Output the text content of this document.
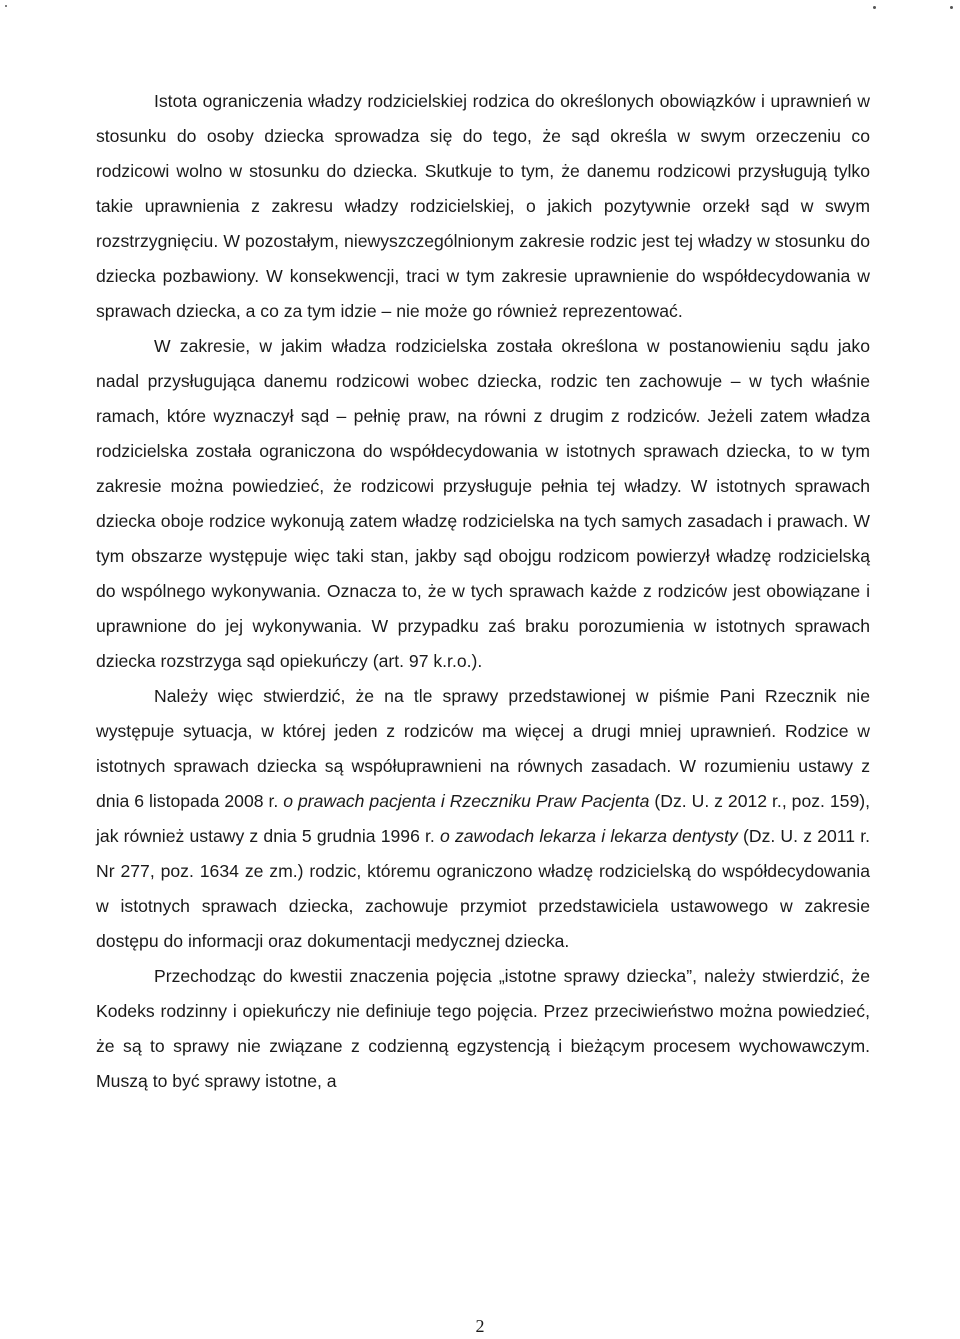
Istota ograniczenia władzy rodzicielskiej rodzica do określonych obowiązków i uprawnień w stosunku do osoby dziecka sprowadza się do tego, że sąd określa w swym orzeczeniu co rodzicowi wolno w stosunku do dziecka. Skutkuje to tym, że danemu rodzicowi przysługują tylko takie uprawnienia z zakresu władzy rodzicielskiej, o jakich pozytywnie orzekł sąd w swym rozstrzygnięciu. W pozostałym, niewyszczególnionym zakresie rodzic jest tej władzy w stosunku do dziecka pozbawiony. W konsekwencji, traci w tym zakresie uprawnienie do współdecydowania w sprawach dziecka, a co za tym idzie – nie może go również reprezentować.

W zakresie, w jakim władza rodzicielska została określona w postanowieniu sądu jako nadal przysługująca danemu rodzicowi wobec dziecka, rodzic ten zachowuje – w tych właśnie ramach, które wyznaczył sąd – pełnię praw, na równi z drugim z rodziców. Jeżeli zatem władza rodzicielska została ograniczona do współdecydowania w istotnych sprawach dziecka, to w tym zakresie można powiedzieć, że rodzicowi przysługuje pełnia tej władzy. W istotnych sprawach dziecka oboje rodzice wykonują zatem władzę rodzicielska na tych samych zasadach i prawach. W tym obszarze występuje więc taki stan, jakby sąd obojgu rodzicom powierzył władzę rodzicielską do wspólnego wykonywania. Oznacza to, że w tych sprawach każde z rodziców jest obowiązane i uprawnione do jej wykonywania. W przypadku zaś braku porozumienia w istotnych sprawach dziecka rozstrzyga sąd opiekuńczy (art. 97 k.r.o.).

Należy więc stwierdzić, że na tle sprawy przedstawionej w piśmie Pani Rzecznik nie występuje sytuacja, w której jeden z rodziców ma więcej a drugi mniej uprawnień. Rodzice w istotnych sprawach dziecka są współuprawnieni na równych zasadach. W rozumieniu ustawy z dnia 6 listopada 2008 r. o prawach pacjenta i Rzeczniku Praw Pacjenta (Dz. U. z 2012 r., poz. 159), jak również ustawy z dnia 5 grudnia 1996 r. o zawodach lekarza i lekarza dentysty (Dz. U. z 2011 r. Nr 277, poz. 1634 ze zm.) rodzic, któremu ograniczono władzę rodzicielską do współdecydowania w istotnych sprawach dziecka, zachowuje przymiot przedstawiciela ustawowego w zakresie dostępu do informacji oraz dokumentacji medycznej dziecka.

Przechodząc do kwestii znaczenia pojęcia „istotne sprawy dziecka”, należy stwierdzić, że Kodeks rodzinny i opiekuńczy nie definiuje tego pojęcia. Przez przeciwieństwo można powiedzieć, że są to sprawy nie związane z codzienną egzystencją i bieżącym procesem wychowawczym. Muszą to być sprawy istotne, a

2
